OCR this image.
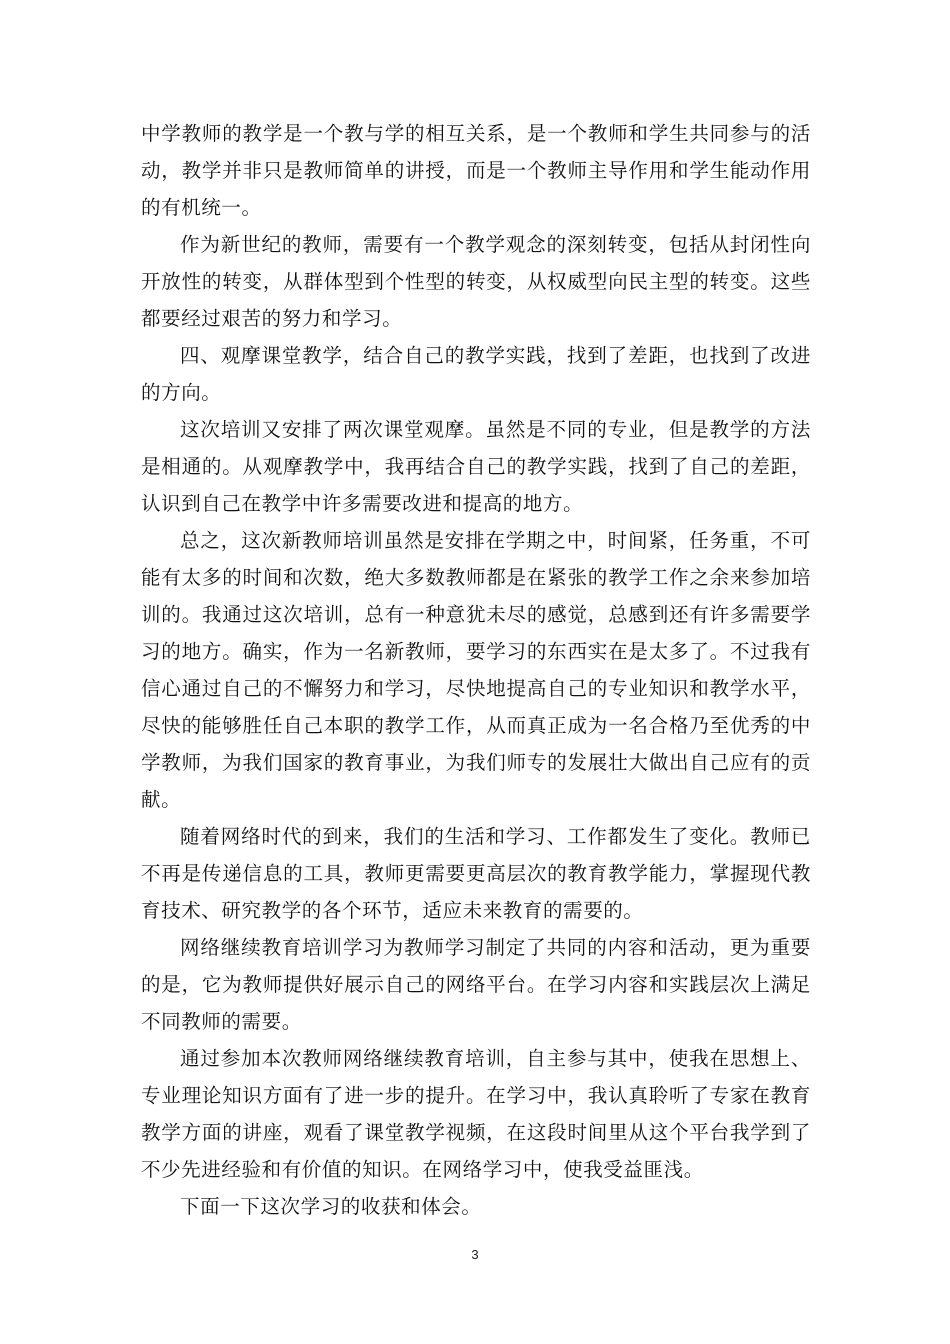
中学教师的教学是一个教与学的相互关系，是一个教师和学生共同参与的活动，教学并非只是教师简单的讲授，而是一个教师主导作用和学生能动作用的有机统一。

作为新世纪的教师，需要有一个教学观念的深刻转变，包括从封闭性向开放性的转变，从群体型到个性型的转变，从权威型向民主型的转变。这些都要经过艰苦的努力和学习。

四、观摩课堂教学，结合自己的教学实践，找到了差距，也找到了改进的方向。

这次培训又安排了两次课堂观摩。虽然是不同的专业，但是教学的方法是相通的。从观摩教学中，我再结合自己的教学实践，找到了自己的差距，认识到自己在教学中许多需要改进和提高的地方。

总之，这次新教师培训虽然是安排在学期之中，时间紧，任务重，不可能有太多的时间和次数，绝大多数教师都是在紧张的教学工作之余来参加培训的。我通过这次培训，总有一种意犹未尽的感觉，总感到还有许多需要学习的地方。确实，作为一名新教师，要学习的东西实在是太多了。不过我有信心通过自己的不懈努力和学习，尽快地提高自己的专业知识和教学水平，尽快的能够胜任自己本职的教学工作，从而真正成为一名合格乃至优秀的中学教师，为我们国家的教育事业，为我们师专的发展壮大做出自己应有的贡献。

随着网络时代的到来，我们的生活和学习、工作都发生了变化。教师已不再是传递信息的工具，教师更需要更高层次的教育教学能力，掌握现代教育技术、研究教学的各个环节，适应未来教育的需要的。

网络继续教育培训学习为教师学习制定了共同的内容和活动，更为重要的是，它为教师提供好展示自己的网络平台。在学习内容和实践层次上满足不同教师的需要。

通过参加本次教师网络继续教育培训，自主参与其中，使我在思想上、专业理论知识方面有了进一步的提升。在学习中，我认真聆听了专家在教育教学方面的讲座，观看了课堂教学视频，在这段时间里从这个平台我学到了不少先进经验和有价值的知识。在网络学习中，使我受益匪浅。

下面一下这次学习的收获和体会。

3
